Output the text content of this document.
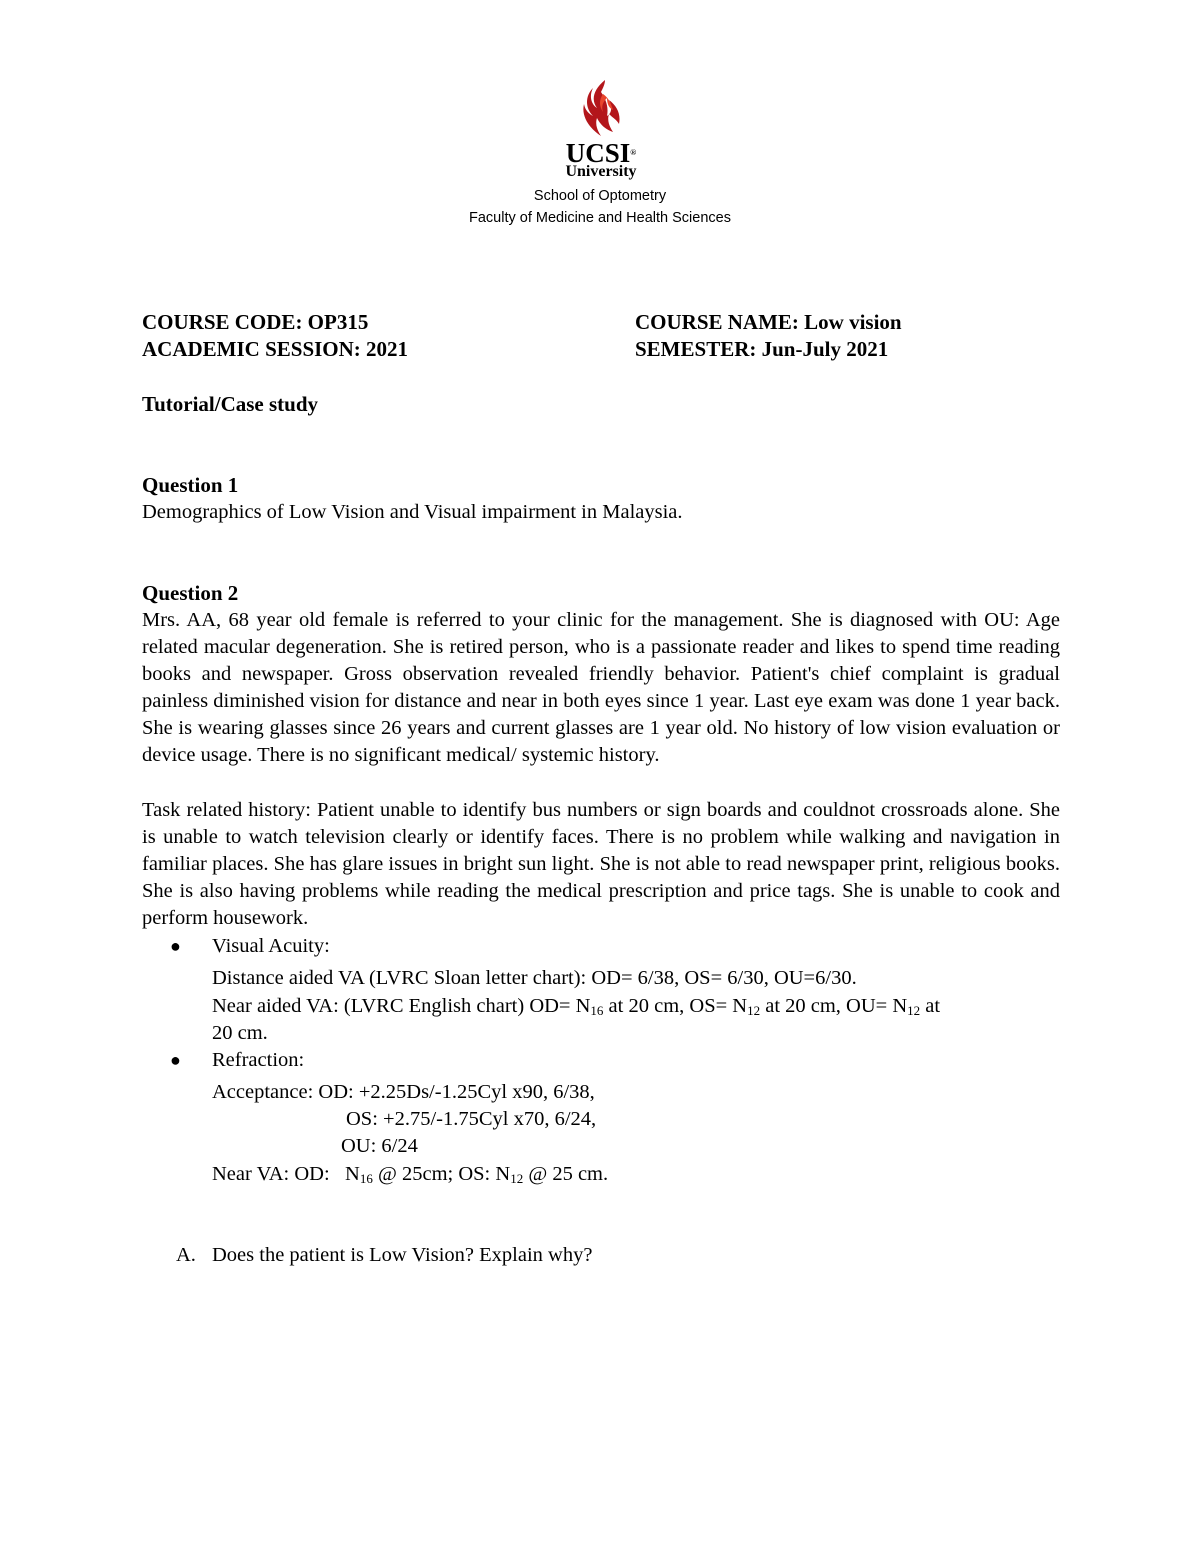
UCSI®
University
School of Optometry
Faculty of Medicine and Health Sciences
COURSE CODE: OP315	COURSE NAME: Low vision
ACADEMIC SESSION: 2021	SEMESTER: Jun-July 2021
Tutorial/Case study
Question 1
Demographics of Low Vision and Visual impairment in Malaysia.
Question 2
Mrs. AA, 68 year old female is referred to your clinic for the management. She is diagnosed with OU: Age related macular degeneration. She is retired person, who is a passionate reader and likes to spend time reading books and newspaper. Gross observation revealed friendly behavior. Patient's chief complaint is gradual painless diminished vision for distance and near in both eyes since 1 year. Last eye exam was done 1 year back. She is wearing glasses since 26 years and current glasses are 1 year old. No history of low vision evaluation or device usage. There is no significant medical/ systemic history.
Task related history: Patient unable to identify bus numbers or sign boards and couldnot crossroads alone. She is unable to watch television clearly or identify faces. There is no problem while walking and navigation in familiar places. She has glare issues in bright sun light. She is not able to read newspaper print, religious books. She is also having problems while reading the medical prescription and price tags. She is unable to cook and perform housework.
● Visual Acuity:
Distance aided VA (LVRC Sloan letter chart): OD= 6/38, OS= 6/30, OU=6/30.
Near aided VA: (LVRC English chart) $OD= N_{16}$ at 20 cm, $OS= N_{12}$ at 20 cm, $OU= N_{12}$ at
20 cm.
● Refraction:
Acceptance: OD: +2.25Ds/-1.25Cyl x90, 6/38,
OS: +2.75/-1.75Cyl x70, 6/24,
OU: 6/24
Near VA: OD:   $N_{16}$ @ 25cm; OS: $N_{12}$ @ 25 cm.
A. Does the patient is Low Vision? Explain why?
